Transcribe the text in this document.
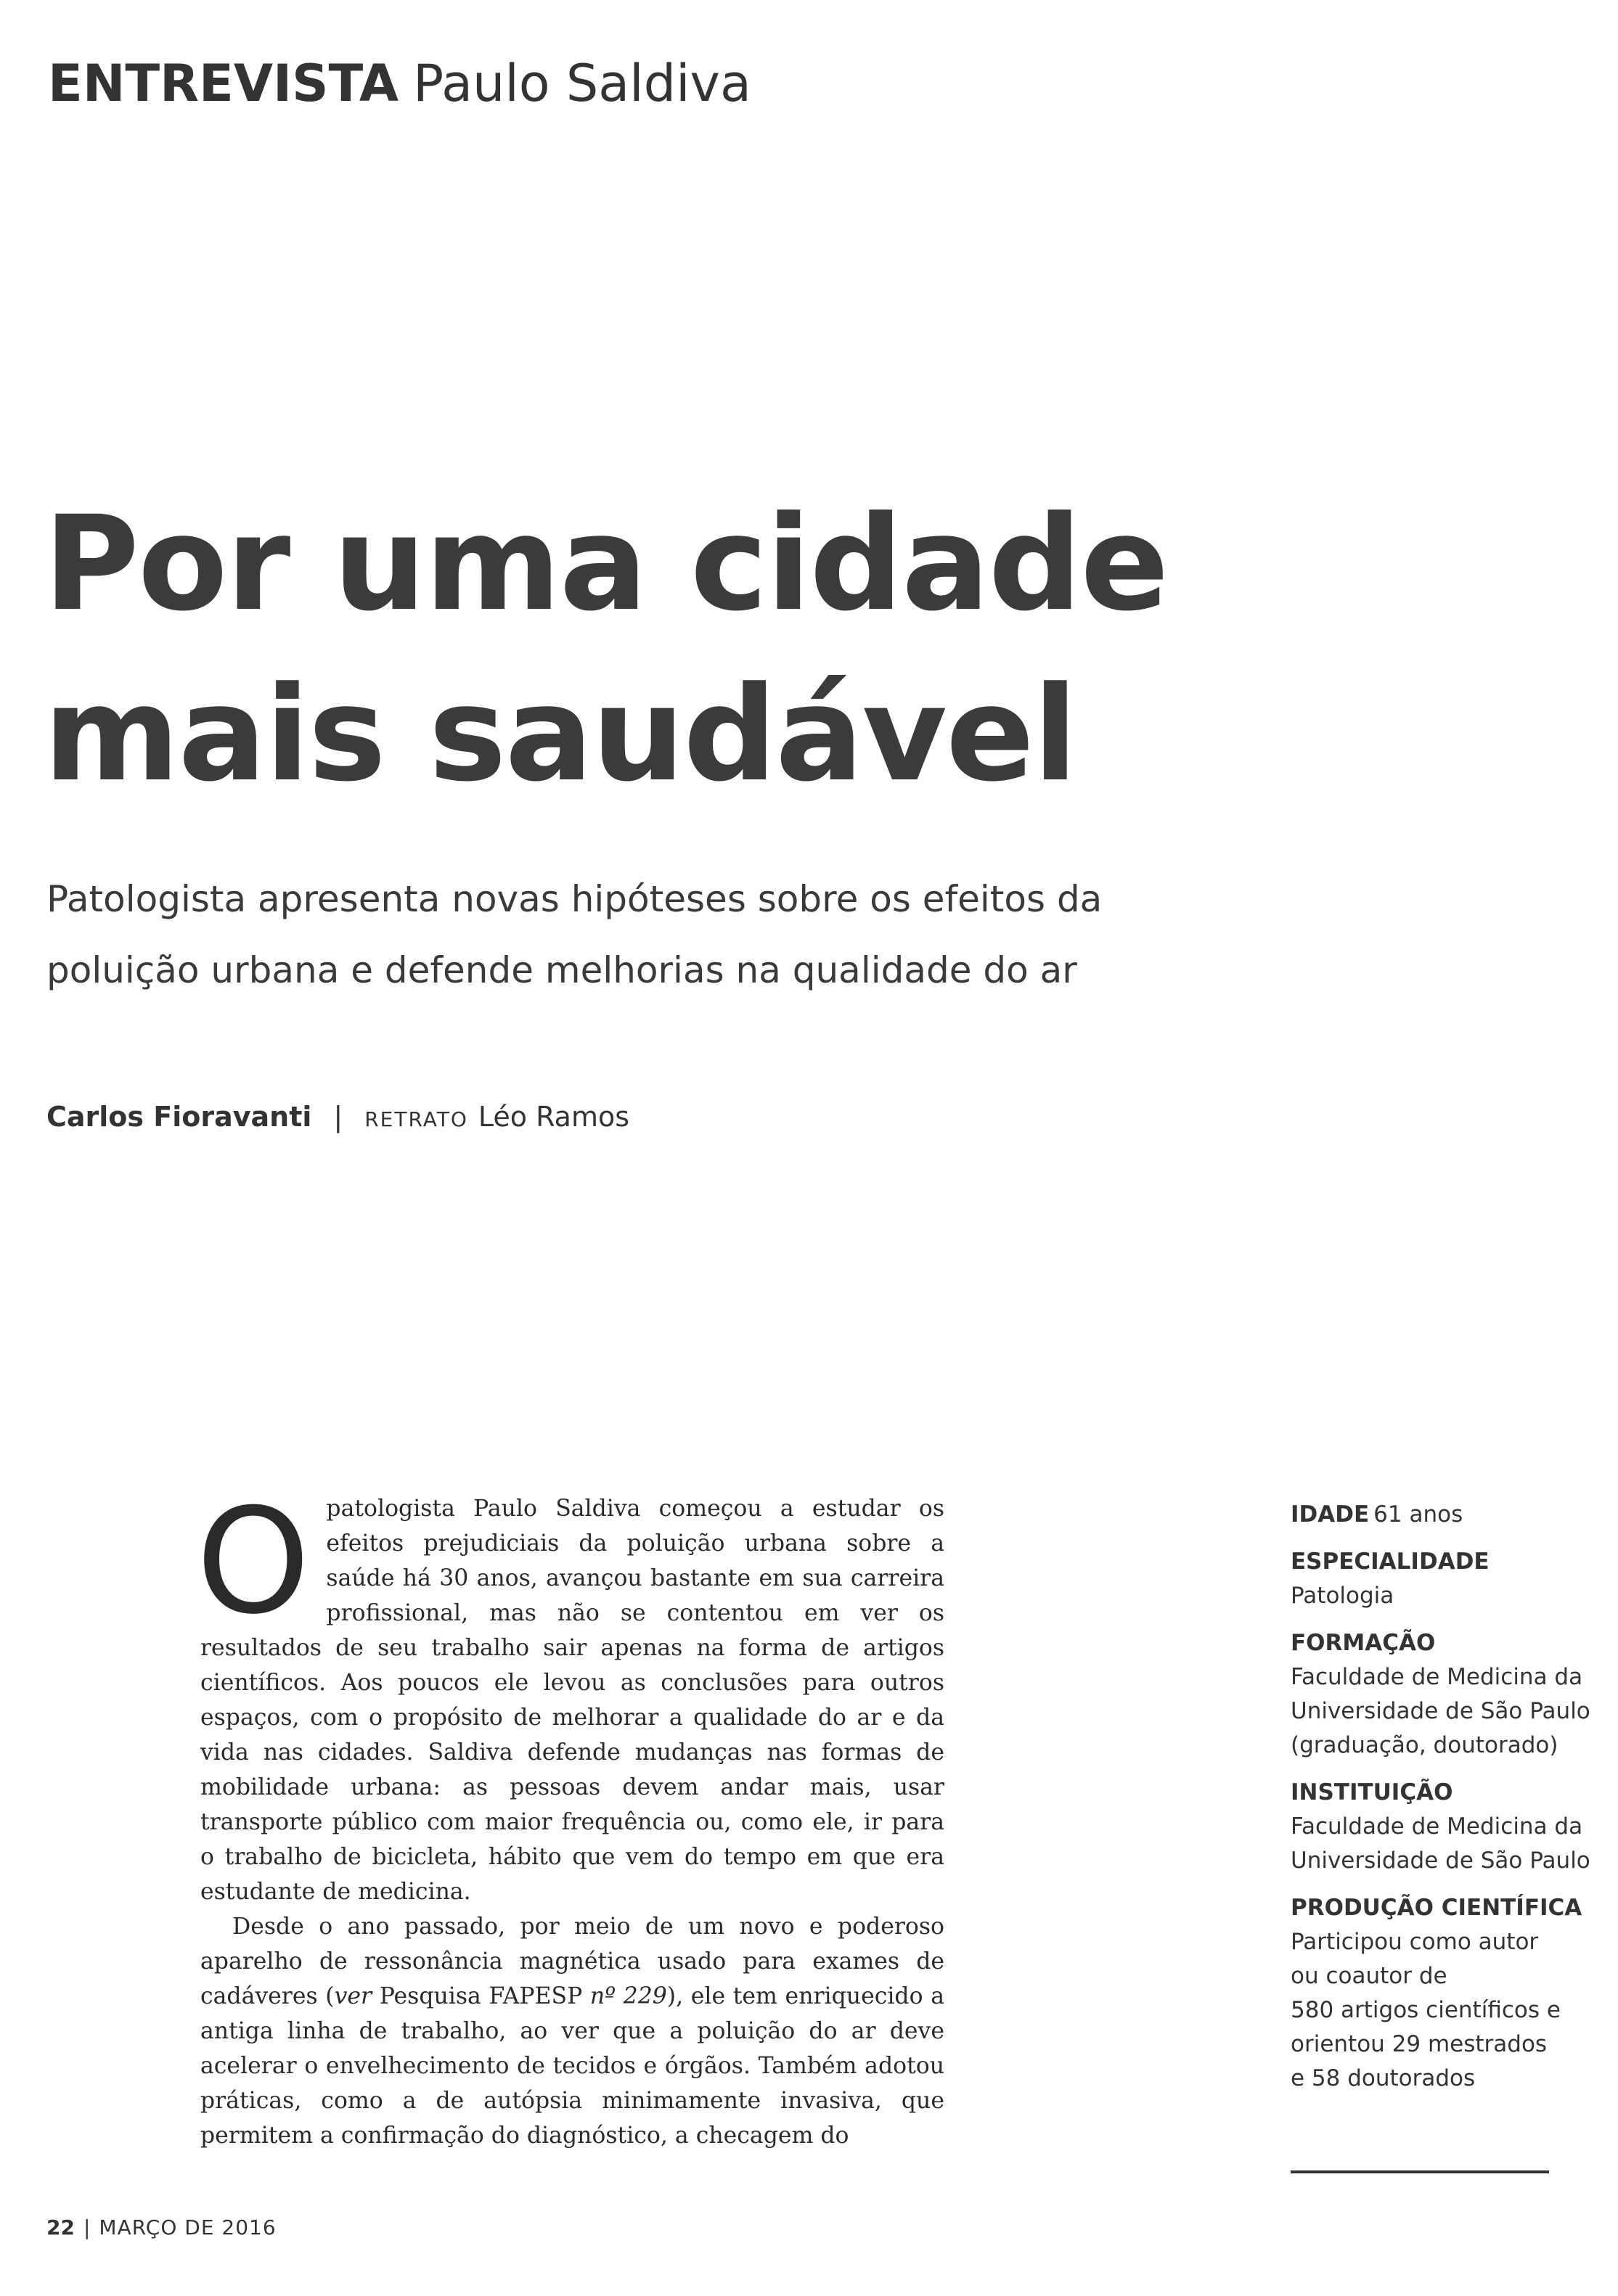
ENTREVISTA Paulo Saldiva
Por uma cidade
mais saudável
Patologista apresenta novas hipóteses sobre os efeitos da
poluição urbana e defende melhorias na qualidade do ar
Carlos Fioravanti | RETRATO Léo Ramos

Opatologista Paulo Saldiva começou a estudar os efeitos prejudiciais da poluição urbana sobre a saúde há 30 anos, avançou bastante em sua carreira profissional, mas não se contentou em ver os resultados de seu trabalho sair apenas na forma de artigos científicos. Aos poucos ele levou as conclusões para outros espaços, com o propósito de melhorar a qualidade do ar e da vida nas cidades. Saldiva defende mudanças nas formas de mobilidade urbana: as pessoas devem andar mais, usar transporte público com maior frequência ou, como ele, ir para o trabalho de bicicleta, hábito que vem do tempo em que era estudante de medicina.

Desde o ano passado, por meio de um novo e poderoso aparelho de ressonância magnética usado para exames de cadáveres (ver Pesquisa FAPESP nº 229), ele tem enriquecido a antiga linha de trabalho, ao ver que a poluição do ar deve acelerar o envelhecimento de tecidos e órgãos. Também adotou práticas, como a de autópsia minimamente invasiva, que permitem a confirmação do diagnóstico, a checagem do

IDADE 61 anos
ESPECIALIDADE
Patologia
FORMAÇÃO
Faculdade de Medicina da
Universidade de São Paulo
(graduação, doutorado)
INSTITUIÇÃO
Faculdade de Medicina da
Universidade de São Paulo
PRODUÇÃO CIENTÍFICA
Participou como autor
ou coautor de
580 artigos científicos e
orientou 29 mestrados
e 58 doutorados
22 | MARÇO DE 2016
